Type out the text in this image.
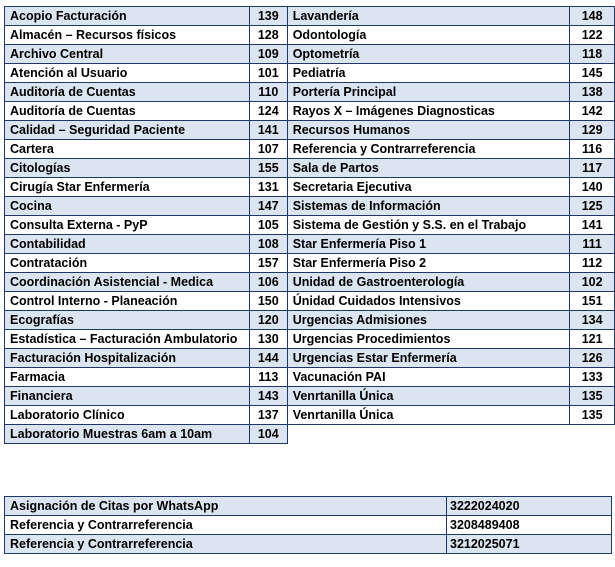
Acopio Facturación	139	Lavandería	148
Almacén – Recursos físicos	128	Odontología	122
Archivo Central	109	Optometría	118
Atención al Usuario	101	Pediatría	145
Auditoría de Cuentas	110	Portería Principal	138
Auditoría de Cuentas	124	Rayos X – Imágenes Diagnosticas	142
Calidad – Seguridad Paciente	141	Recursos Humanos	129
Cartera	107	Referencia y Contrarreferencia	116
Citologías	155	Sala de Partos	117
Cirugía Star Enfermería	131	Secretaria Ejecutiva	140
Cocina	147	Sistemas de Información	125
Consulta Externa - PyP	105	Sistema de Gestión y S.S. en el Trabajo	141
Contabilidad	108	Star Enfermería Piso 1	111
Contratación	157	Star Enfermería Piso 2	112
Coordinación Asistencial - Medica	106	Unidad de Gastroenterología	102
Control Interno - Planeación	150	Únidad Cuidados Intensivos	151
Ecografías	120	Urgencias Admisiones	134
Estadística – Facturación Ambulatorio	130	Urgencias Procedimientos	121
Facturación Hospitalización	144	Urgencias Estar Enfermería	126
Farmacia	113	Vacunación PAI	133
Financiera	143	Venrtanilla Única	135
Laboratorio Clínico	137	Venrtanilla Única	135
Laboratorio Muestras 6am a 10am	104		
Asignación de Citas por WhatsApp	3222024020
Referencia y Contrarreferencia	3208489408
Referencia y Contrarreferencia	3212025071
